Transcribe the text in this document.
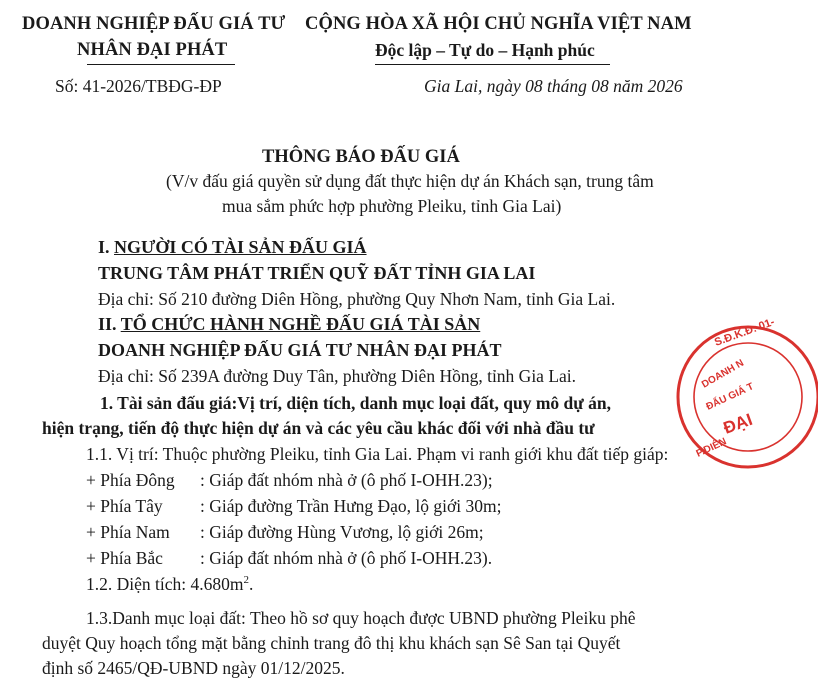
DOANH NGHIỆP ĐẤU GIÁ TƯ
NHÂN ĐẠI PHÁT
Số: 41-2026/TBĐG-ĐP
CỘNG HÒA XÃ HỘI CHỦ NGHĨA VIỆT NAM
Độc lập – Tự do – Hạnh phúc
Gia Lai, ngày 08 tháng 08 năm 2026
THÔNG BÁO ĐẤU GIÁ
(V/v đấu giá quyền sử dụng đất thực hiện dự án Khách sạn, trung tâm
mua sắm phức hợp phường Pleiku, tỉnh Gia Lai)
I. NGƯỜI CÓ TÀI SẢN ĐẤU GIÁ
TRUNG TÂM PHÁT TRIỂN QUỸ ĐẤT TỈNH GIA LAI
Địa chỉ: Số 210 đường Diên Hồng, phường Quy Nhơn Nam, tỉnh Gia Lai.
II. TỔ CHỨC HÀNH NGHỀ ĐẤU GIÁ TÀI SẢN
DOANH NGHIỆP ĐẤU GIÁ TƯ NHÂN ĐẠI PHÁT
Địa chỉ: Số 239A đường Duy Tân, phường Diên Hồng, tỉnh Gia Lai.
1. Tài sản đấu giá:Vị trí, diện tích, danh mục loại đất, quy mô dự án,
hiện trạng, tiến độ thực hiện dự án và các yêu cầu khác đối với nhà đầu tư
1.1. Vị trí: Thuộc phường Pleiku, tỉnh Gia Lai. Phạm vi ranh giới khu đất tiếp giáp:
+ Phía Đông : Giáp đất nhóm nhà ở (ô phố I-OHH.23);
+ Phía Tây : Giáp đường Trần Hưng Đạo, lộ giới 30m;
+ Phía Nam : Giáp đường Hùng Vương, lộ giới 26m;
+ Phía Bắc : Giáp đất nhóm nhà ở (ô phố I-OHH.23).
1.2. Diện tích: $4.680m^2$.
1.3.Danh mục loại đất: Theo hồ sơ quy hoạch được UBND phường Pleiku phê
duyệt Quy hoạch tổng mặt bằng chỉnh trang đô thị khu khách sạn Sê San tại Quyết
định số 2465/QĐ-UBND ngày 01/12/2025.
S.Đ.K.Đ: 01-
DOANH N
ĐẤU GIÁ T
ĐẠI
P.DIÊN
